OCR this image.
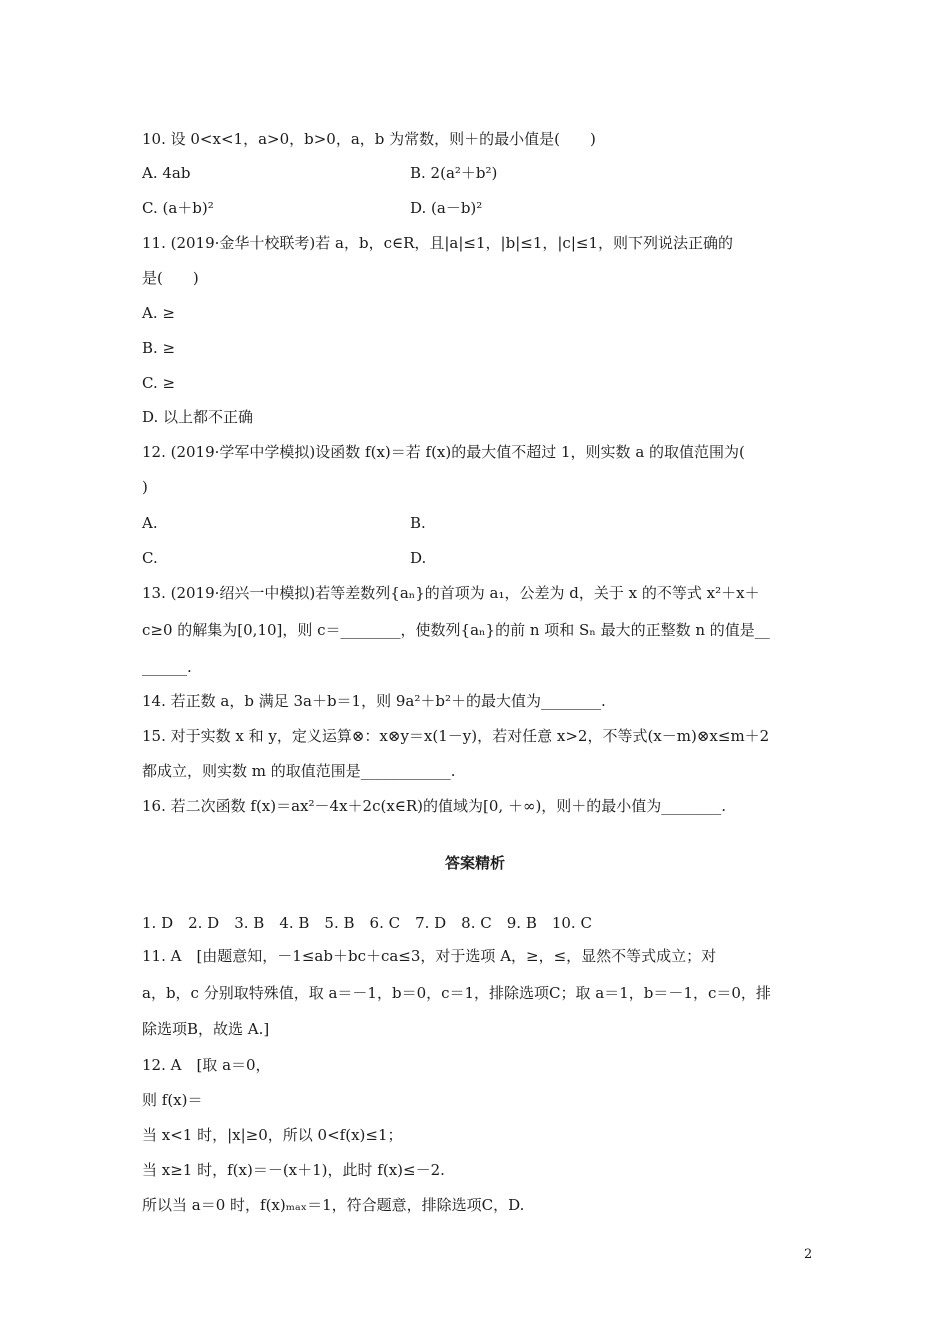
10. 设 0<x<1，a>0，b>0，a，b 为常数，则＋的最小值是(　　)
A. 4ab	B. 2(a²＋b²)
C. (a＋b)²	D. (a－b)²
11. (2019·金华十校联考)若 a，b，c∈R，且|a|≤1，|b|≤1，|c|≤1，则下列说法正确的
是(　　)
A. ≥
B. ≥
C. ≥
D. 以上都不正确
12. (2019·学军中学模拟)设函数 f(x)＝若 f(x)的最大值不超过 1，则实数 a 的取值范围为(
)
A.	B.
C.	D.
13. (2019·绍兴一中模拟)若等差数列{aₙ}的首项为 a₁，公差为 d，关于 x 的不等式 x²＋x＋
c≥0 的解集为[0,10]，则 c＝________，使数列{aₙ}的前 n 项和 Sₙ 最大的正整数 n 的值是__
______.
14. 若正数 a，b 满足 3a＋b＝1，则 9a²＋b²＋的最大值为________.
15. 对于实数 x 和 y，定义运算⊗：x⊗y＝x(1－y)，若对任意 x>2，不等式(x－m)⊗x≤m＋2
都成立，则实数 m 的取值范围是____________.
16. 若二次函数 f(x)＝ax²－4x＋2c(x∈R)的值域为[0, ＋∞)，则＋的最小值为________.
答案精析
1. D　2. D　3. B　4. B　5. B　6. C　7. D　8. C　9. B　10. C
11. A　[由题意知，－1≤ab＋bc＋ca≤3，对于选项 A，≥，≤，显然不等式成立；对
a，b，c 分别取特殊值，取 a＝－1，b＝0，c＝1，排除选项C；取 a＝1，b＝－1，c＝0，排
除选项B，故选 A.]
12. A　[取 a＝0，
则 f(x)＝
当 x<1 时，|x|≥0，所以 0<f(x)≤1；
当 x≥1 时，f(x)＝－(x＋1)，此时 f(x)≤－2.
所以当 a＝0 时，f(x)ₘₐₓ＝1，符合题意，排除选项C，D.
2
